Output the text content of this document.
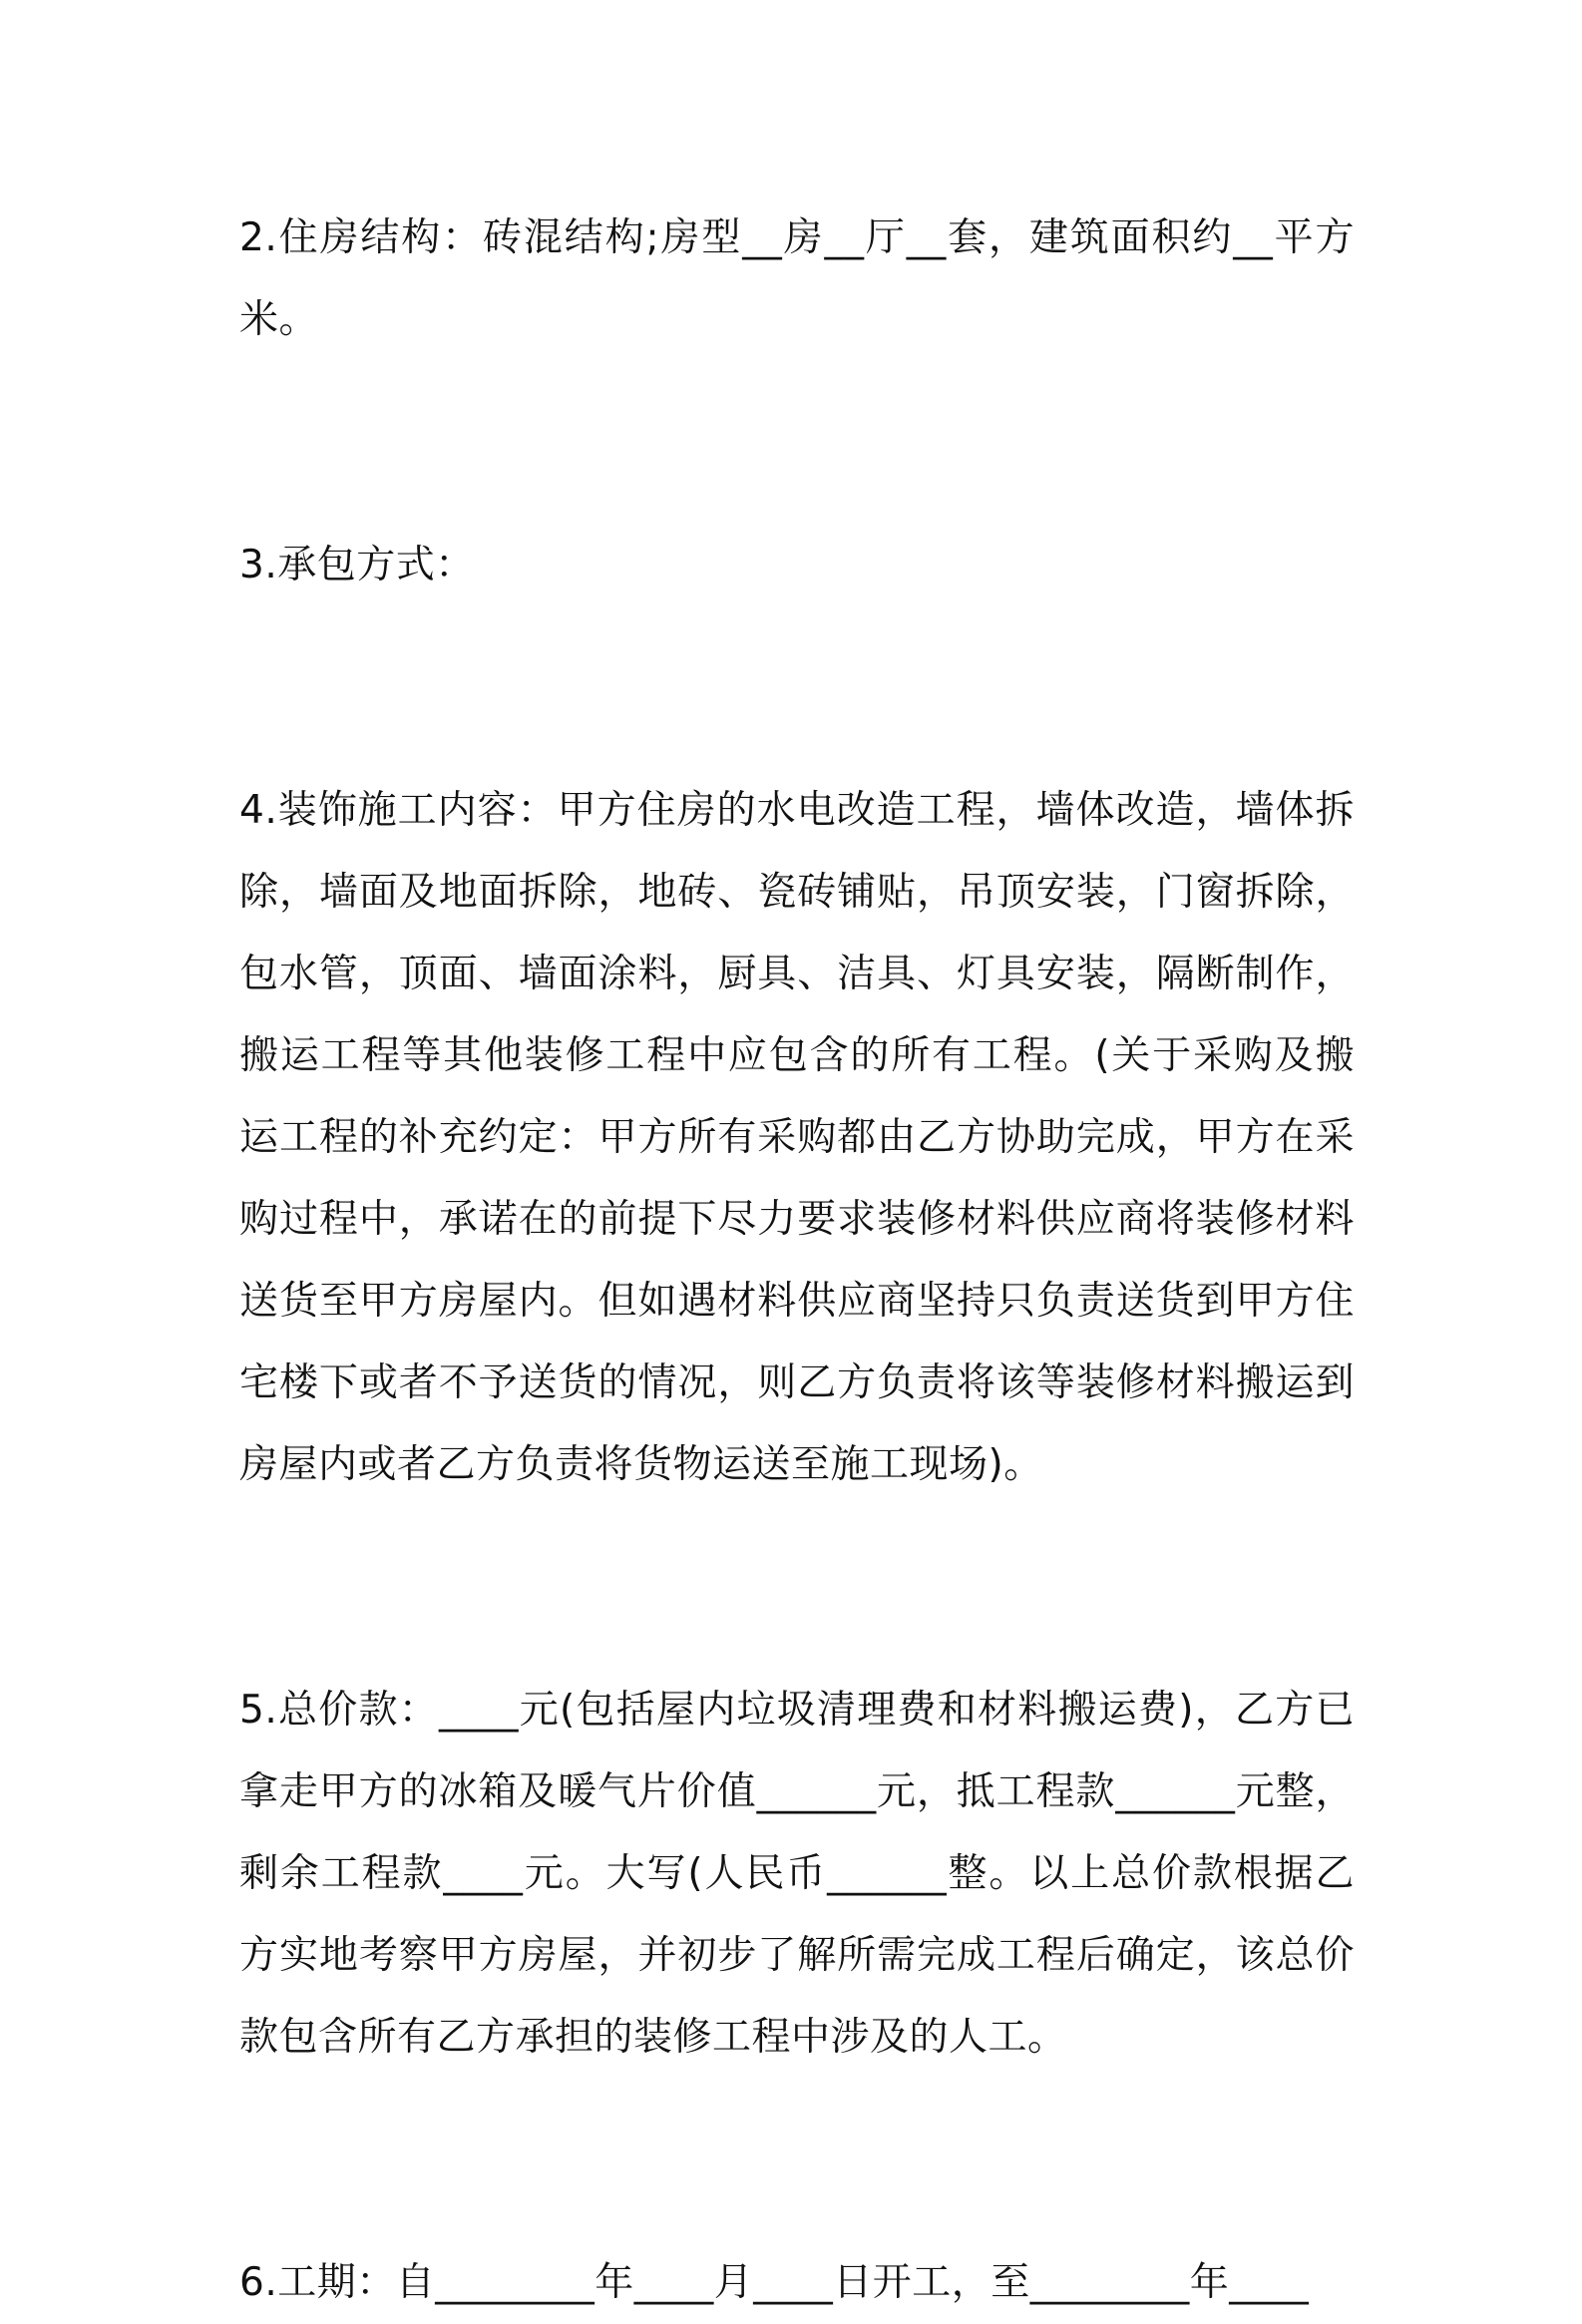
2.住房结构：砖混结构;房型__房__厅__套，建筑面积约__平方米。

3.承包方式：

4.装饰施工内容：甲方住房的水电改造工程，墙体改造，墙体拆除，墙面及地面拆除，地砖、瓷砖铺贴，吊顶安装，门窗拆除，包水管，顶面、墙面涂料，厨具、洁具、灯具安装，隔断制作，搬运工程等其他装修工程中应包含的所有工程。(关于采购及搬运工程的补充约定：甲方所有采购都由乙方协助完成，甲方在采购过程中，承诺在的前提下尽力要求装修材料供应商将装修材料送货至甲方房屋内。但如遇材料供应商坚持只负责送货到甲方住宅楼下或者不予送货的情况，则乙方负责将该等装修材料搬运到房屋内或者乙方负责将货物运送至施工现场)。

5.总价款：____元(包括屋内垃圾清理费和材料搬运费)，乙方已拿走甲方的冰箱及暖气片价值______元，抵工程款______元整，剩余工程款____元。大写(人民币______整。以上总价款根据乙方实地考察甲方房屋，并初步了解所需完成工程后确定，该总价款包含所有乙方承担的装修工程中涉及的人工。

6.工期：自________年____月____日开工，至________年____
